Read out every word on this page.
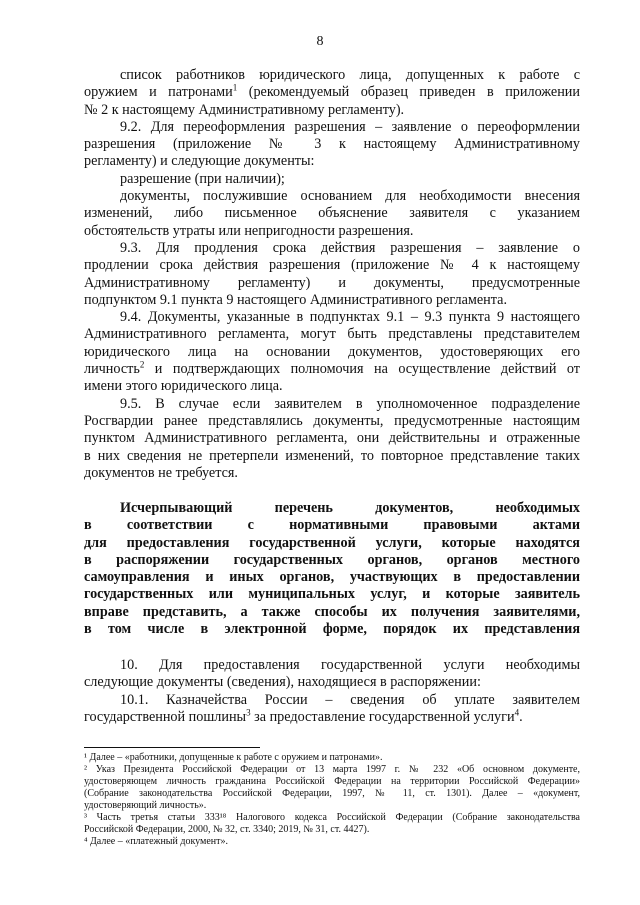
8
список работников юридического лица, допущенных к работе с
оружием и патронами$^1$ (рекомендуемый образец приведен в приложении
№ 2 к настоящему Административному регламенту).
9.2. Для переоформления разрешения – заявление о переоформлении
разрешения (приложение № 3 к настоящему Административному
регламенту) и следующие документы:
разрешение (при наличии);
документы, послужившие основанием для необходимости внесения
изменений, либо письменное объяснение заявителя с указанием
обстоятельств утраты или непригодности разрешения.
9.3. Для продления срока действия разрешения – заявление о
продлении срока действия разрешения (приложение № 4 к настоящему
Административному регламенту) и документы, предусмотренные
подпунктом 9.1 пункта 9 настоящего Административного регламента.
9.4. Документы, указанные в подпунктах 9.1 – 9.3 пункта 9 настоящего
Административного регламента, могут быть представлены представителем
юридического лица на основании документов, удостоверяющих его
личность$^2$ и подтверждающих полномочия на осуществление действий от
имени этого юридического лица.
9.5. В случае если заявителем в уполномоченное подразделение
Росгвардии ранее представлялись документы, предусмотренные настоящим
пунктом Административного регламента, они действительны и отраженные
в них сведения не претерпели изменений, то повторное представление таких
документов не требуется.
Исчерпывающий перечень документов, необходимых
в соответствии с нормативными правовыми актами
для предоставления государственной услуги, которые находятся
в распоряжении государственных органов, органов местного
самоуправления и иных органов, участвующих в предоставлении
государственных или муниципальных услуг, и которые заявитель
вправе представить, а также способы их получения заявителями,
в том числе в электронной форме, порядок их представления
10. Для предоставления государственной услуги необходимы
следующие документы (сведения), находящиеся в распоряжении:
10.1. Казначейства России – сведения об уплате заявителем
государственной пошлины$^3$ за предоставление государственной услуги$^4$.
¹ Далее – «работники, допущенные к работе с оружием и патронами».
² Указ Президента Российской Федерации от 13 марта 1997 г. № 232 «Об основном документе,
удостоверяющем личность гражданина Российской Федерации на территории Российской Федерации»
(Собрание законодательства Российской Федерации, 1997, № 11, ст. 1301). Далее – «документ,
удостоверяющий личность».
³ Часть третья статьи 333¹⁸ Налогового кодекса Российской Федерации (Собрание законодательства
Российской Федерации, 2000, № 32, ст. 3340; 2019, № 31, ст. 4427).
⁴ Далее – «платежный документ».
